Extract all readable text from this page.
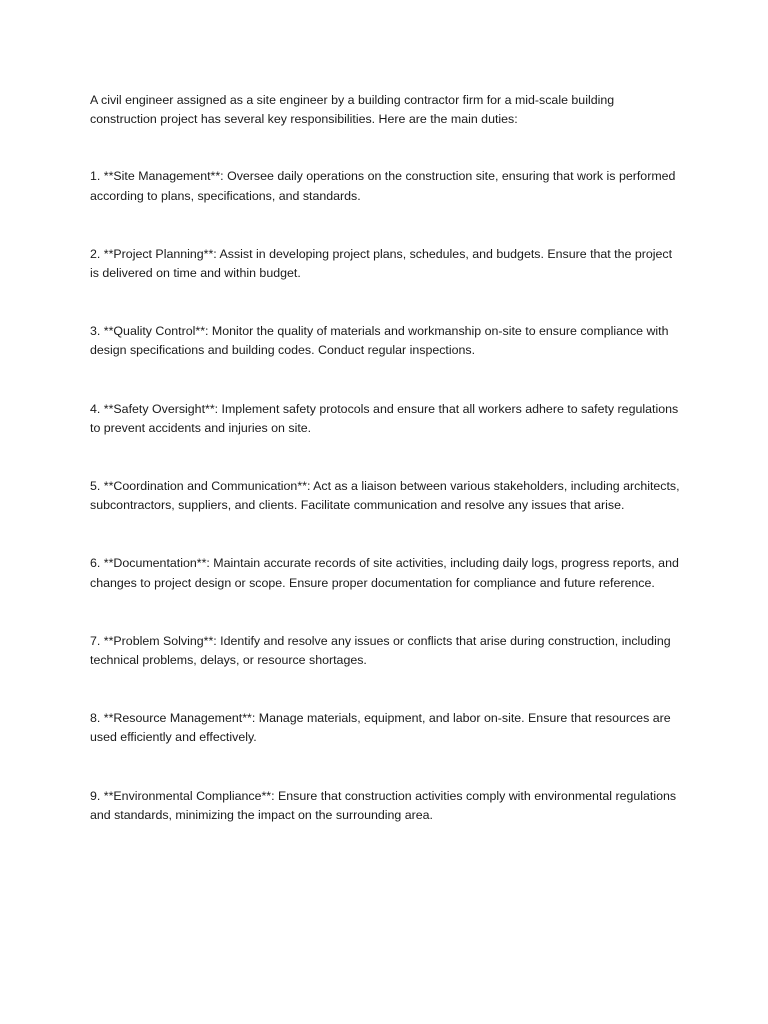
A civil engineer assigned as a site engineer by a building contractor firm for a mid-scale building construction project has several key responsibilities. Here are the main duties:

1. **Site Management**: Oversee daily operations on the construction site, ensuring that work is performed according to plans, specifications, and standards.

2. **Project Planning**: Assist in developing project plans, schedules, and budgets. Ensure that the project is delivered on time and within budget.

3. **Quality Control**: Monitor the quality of materials and workmanship on-site to ensure compliance with design specifications and building codes. Conduct regular inspections.

4. **Safety Oversight**: Implement safety protocols and ensure that all workers adhere to safety regulations to prevent accidents and injuries on site.

5. **Coordination and Communication**: Act as a liaison between various stakeholders, including architects, subcontractors, suppliers, and clients. Facilitate communication and resolve any issues that arise.

6. **Documentation**: Maintain accurate records of site activities, including daily logs, progress reports, and changes to project design or scope. Ensure proper documentation for compliance and future reference.

7. **Problem Solving**: Identify and resolve any issues or conflicts that arise during construction, including technical problems, delays, or resource shortages.

8. **Resource Management**: Manage materials, equipment, and labor on-site. Ensure that resources are used efficiently and effectively.

9. **Environmental Compliance**: Ensure that construction activities comply with environmental regulations and standards, minimizing the impact on the surrounding area.
